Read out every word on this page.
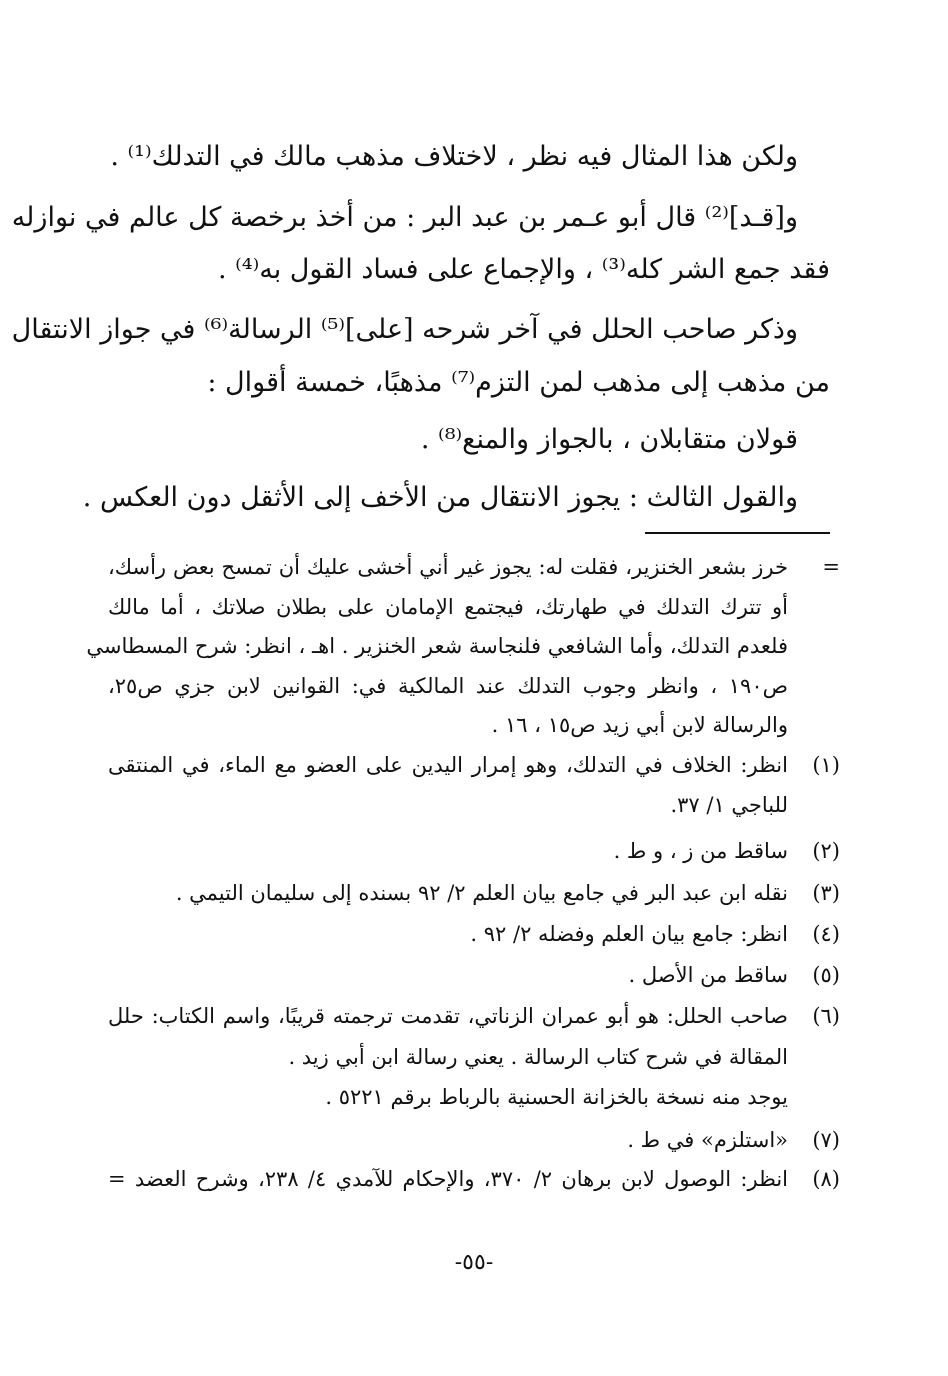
ولكن هذا المثال فيه نظر ، لاختلاف مذهب مالك في التدلك⁽¹⁾ .
و[قـد]⁽²⁾ قال أبو عـمر بن عبد البر : من أخذ برخصة كل عالم في نوازله
فقد جمع الشر كله⁽³⁾ ، والإجماع على فساد القول به⁽⁴⁾ .
وذكر صاحب الحلل في آخر شرحه [على]⁽⁵⁾ الرسالة⁽⁶⁾ في جواز الانتقال
من مذهب إلى مذهب لمن التزم⁽⁷⁾ مذهبًا، خمسة أقوال :
قولان متقابلان ، بالجواز والمنع⁽⁸⁾ .
والقول الثالث : يجوز الانتقال من الأخف إلى الأثقل دون العكس .
=
خرز بشعر الخنزير، فقلت له: يجوز غير أني أخشى عليك أن تمسح بعض رأسك،
أو تترك التدلك في طهارتك، فيجتمع الإمامان على بطلان صلاتك ، أما مالك
فلعدم التدلك، وأما الشافعي فلنجاسة شعر الخنزير . اهـ ، انظر: شرح المسطاسي
ص١٩٠ ، وانظر وجوب التدلك عند المالكية في: القوانين لابن جزي ص٢٥،
والرسالة لابن أبي زيد ص١٥ ، ١٦ .
(١)
انظر: الخلاف في التدلك، وهو إمرار اليدين على العضو مع الماء، في المنتقى
للباجي ١/ ٣٧.
(٢)
ساقط من ز ، و ط .
(٣)
نقله ابن عبد البر في جامع بيان العلم ٢/ ٩٢ بسنده إلى سليمان التيمي .
(٤)
انظر: جامع بيان العلم وفضله ٢/ ٩٢ .
(٥)
ساقط من الأصل .
(٦)
صاحب الحلل: هو أبو عمران الزناتي، تقدمت ترجمته قريبًا، واسم الكتاب: حلل
المقالة في شرح كتاب الرسالة . يعني رسالة ابن أبي زيد .
يوجد منه نسخة بالخزانة الحسنية بالرباط برقم ٥٢٢١ .
(٧)
«استلزم» في ط .
(٨)
انظر: الوصول لابن برهان ٢/ ٣٧٠، والإحكام للآمدي ٤/ ٢٣٨، وشرح العضد =
-٥٥-
